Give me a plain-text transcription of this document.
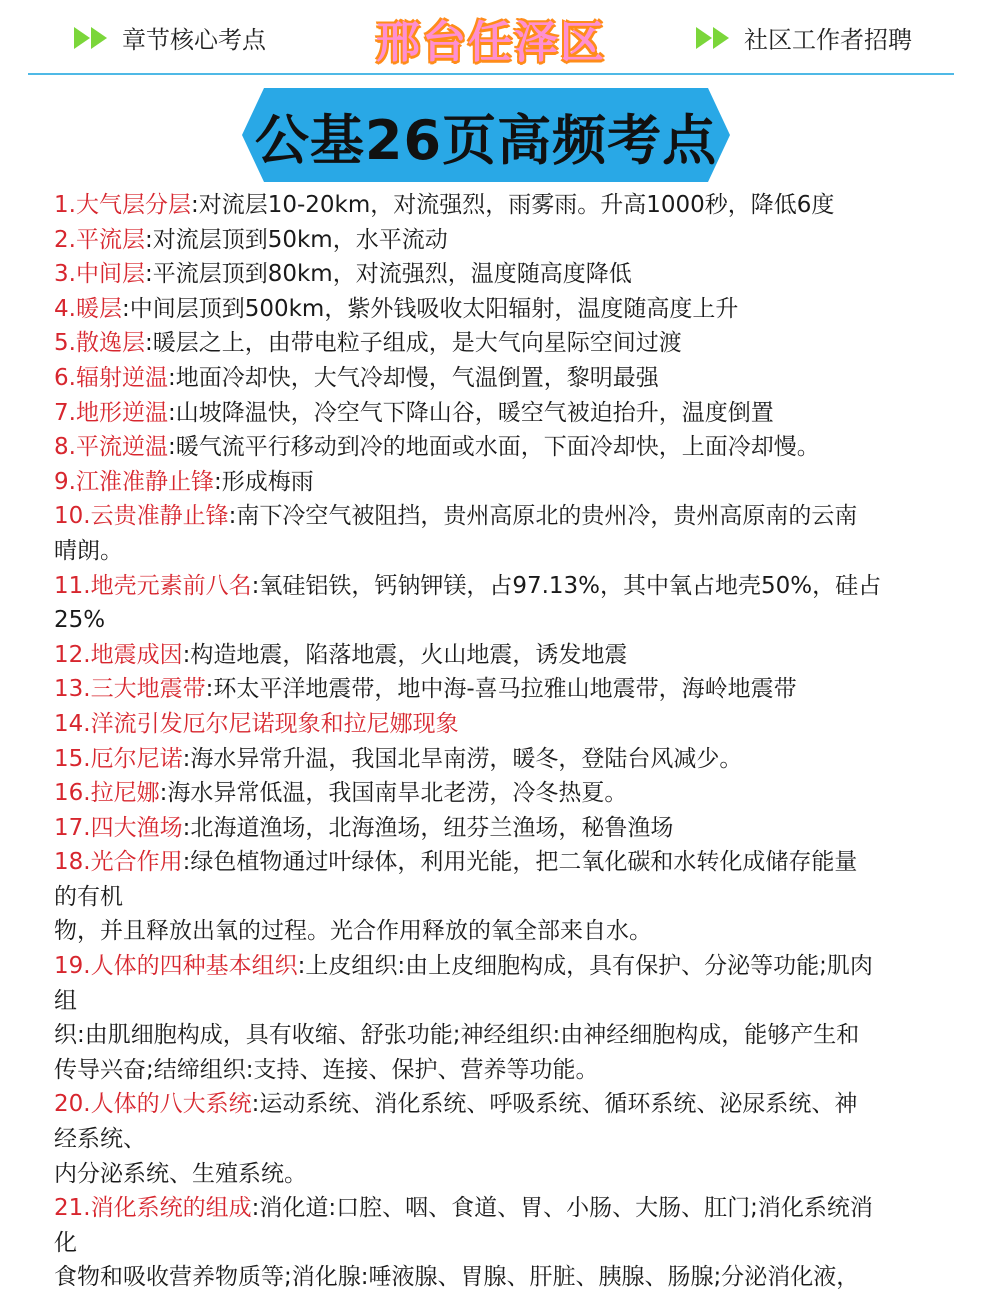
章节核心考点	邢台任泽区	社区工作者招聘
公基26页高频考点

1.大气层分层:对流层10-20km，对流强烈，雨雾雨。升高1000秒，降低6度

2.平流层:对流层顶到50km，水平流动

3.中间层:平流层顶到80km，对流强烈，温度随高度降低

4.暖层:中间层顶到500km，紫外钱吸收太阳辐射，温度随高度上升

5.散逸层:暖层之上，由带电粒子组成，是大气向星际空间过渡

6.辐射逆温:地面冷却快，大气冷却慢，气温倒置，黎明最强

7.地形逆温:山坡降温快，冷空气下降山谷，暖空气被迫抬升，温度倒置

8.平流逆温:暖气流平行移动到冷的地面或水面，下面冷却快，上面冷却慢。

9.江淮准静止锋:形成梅雨

10.云贵准静止锋:南下冷空气被阻挡，贵州高原北的贵州冷，贵州高原南的云南

晴朗。

11.地壳元素前八名:氧硅铝铁，钙钠钾镁，占97.13%，其中氧占地壳50%，硅占

25%

12.地震成因:构造地震，陷落地震，火山地震，诱发地震

13.三大地震带:环太平洋地震带，地中海-喜马拉雅山地震带，海岭地震带

14.洋流引发厄尔尼诺现象和拉尼娜现象

15.厄尔尼诺:海水异常升温，我国北旱南涝，暖冬，登陆台风减少。

16.拉尼娜:海水异常低温，我国南旱北老涝，冷冬热夏。

17.四大渔场:北海道渔场，北海渔场，纽芬兰渔场，秘鲁渔场

18.光合作用:绿色植物通过叶绿体，利用光能，把二氧化碳和水转化成储存能量

的有机

物，并且释放出氧的过程。光合作用释放的氧全部来自水。

19.人体的四种基本组织:上皮组织:由上皮细胞构成，具有保护、分泌等功能;肌肉

组

织:由肌细胞构成，具有收缩、舒张功能;神经组织:由神经细胞构成，能够产生和

传导兴奋;结缔组织:支持、连接、保护、营养等功能。

20.人体的八大系统:运动系统、消化系统、呼吸系统、循环系统、泌尿系统、神

经系统、

内分泌系统、生殖系统。

21.消化系统的组成:消化道:口腔、咽、食道、胃、小肠、大肠、肛门;消化系统消

化

食物和吸收营养物质等;消化腺:唾液腺、胃腺、肝脏、胰腺、肠腺;分泌消化液，
